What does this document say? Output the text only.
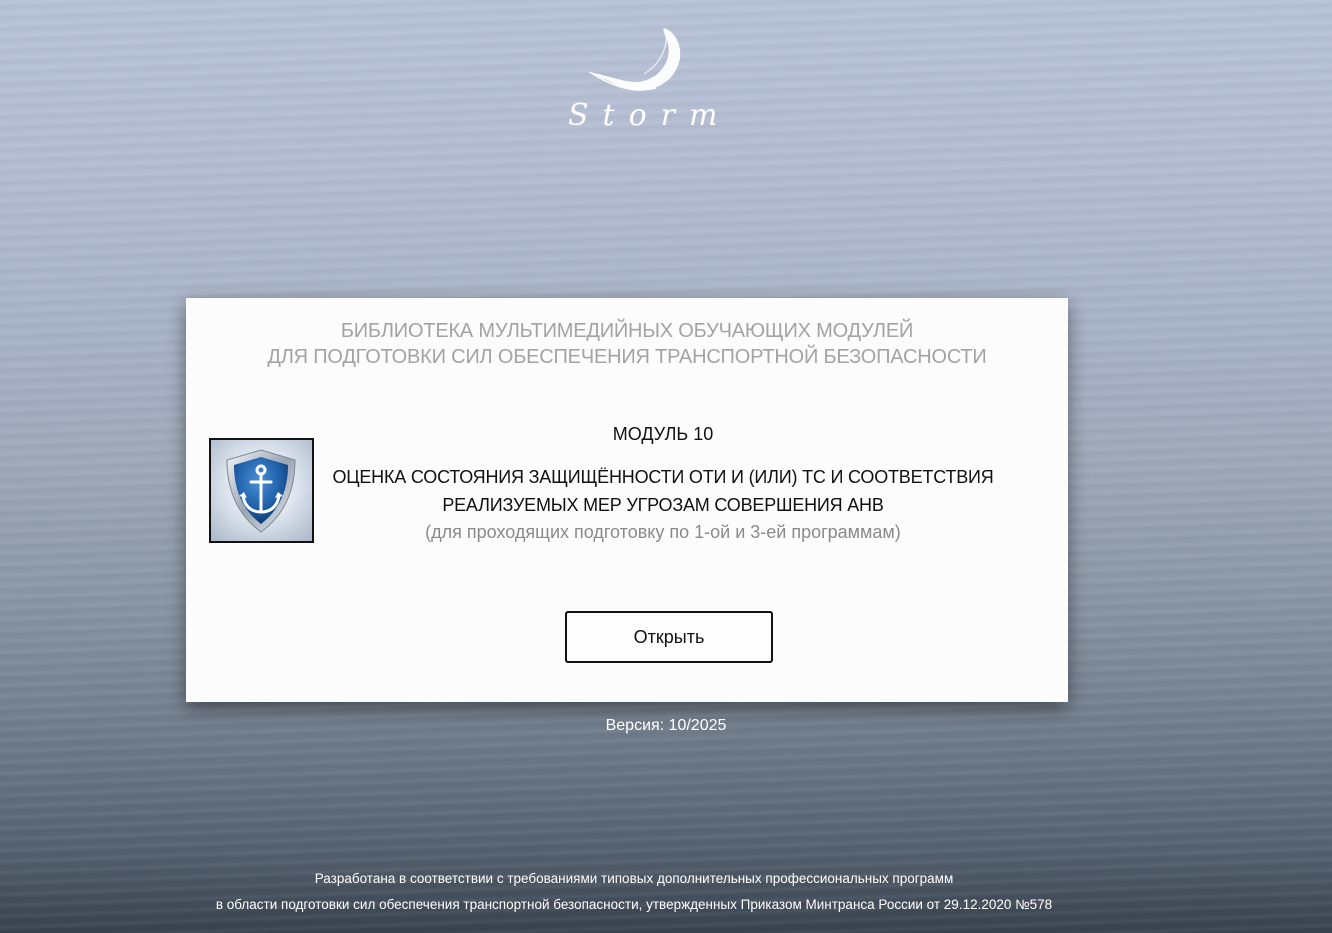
Storm
БИБЛИОТЕКА МУЛЬТИМЕДИЙНЫХ ОБУЧАЮЩИХ МОДУЛЕЙ
ДЛЯ ПОДГОТОВКИ СИЛ ОБЕСПЕЧЕНИЯ ТРАНСПОРТНОЙ БЕЗОПАСНОСТИ
МОДУЛЬ 10
ОЦЕНКА СОСТОЯНИЯ ЗАЩИЩЁННОСТИ ОТИ И (ИЛИ) ТС И СООТВЕТСТВИЯ
РЕАЛИЗУЕМЫХ МЕР УГРОЗАМ СОВЕРШЕНИЯ АНВ
(для проходящих подготовку по 1-ой и 3-ей программам)
Открыть
Версия: 10/2025
Разработана в соответствии с требованиями типовых дополнительных профессиональных программ
в области подготовки сил обеспечения транспортной безопасности, утвержденных Приказом Минтранса России от 29.12.2020 №578
